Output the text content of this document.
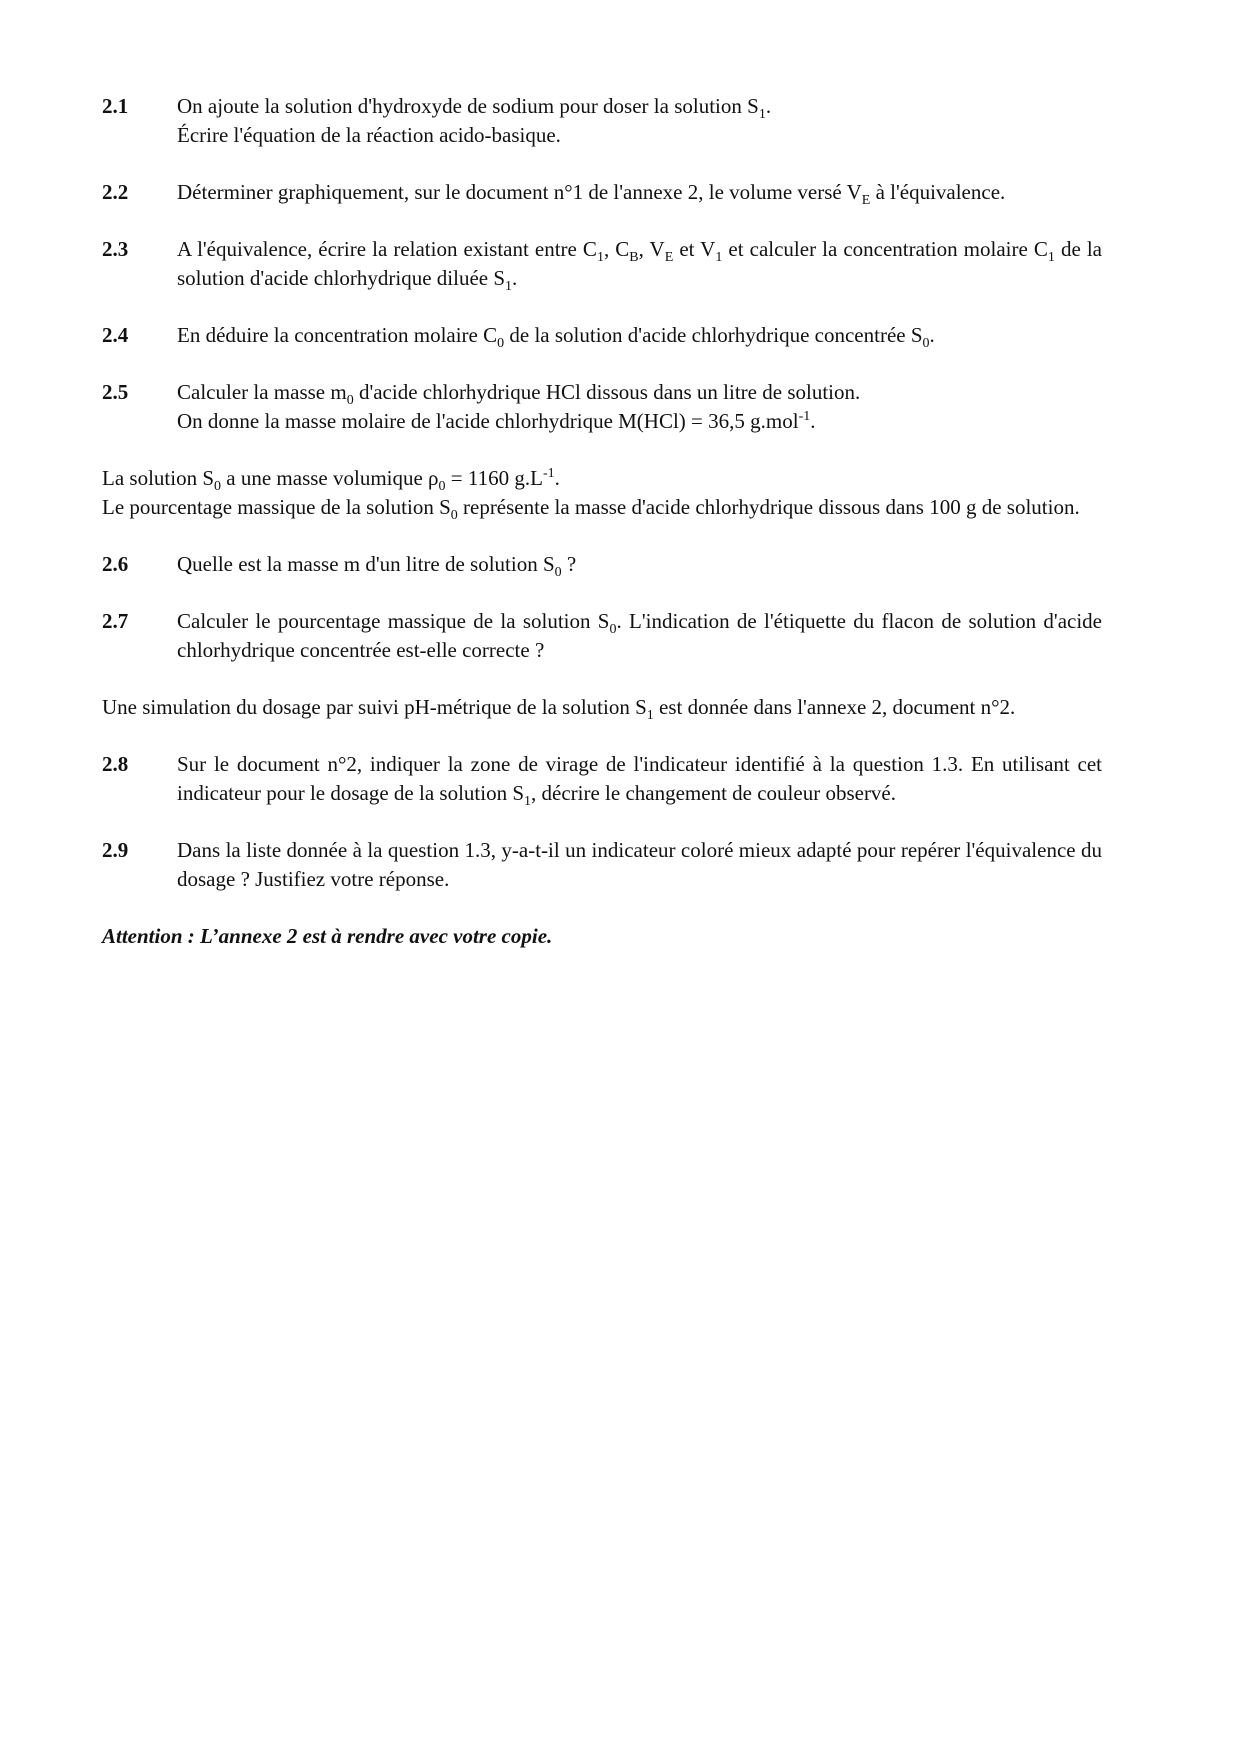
2.1	On ajoute la solution d'hydroxyde de sodium pour doser la solution $S_1$.
Écrire l'équation de la réaction acido-basique.
2.2	Déterminer graphiquement, sur le document n°1 de l'annexe 2, le volume versé $V_E$ à l'équivalence.
2.3	A l'équivalence, écrire la relation existant entre $C_1$, $C_B$, $V_E$ et $V_1$ et calculer la concentration molaire $C_1$ de la solution d'acide chlorhydrique diluée $S_1$.
2.4	En déduire la concentration molaire $C_0$ de la solution d'acide chlorhydrique concentrée $S_0$.
2.5	Calculer la masse $m_0$ d'acide chlorhydrique HCl dissous dans un litre de solution.
On donne la masse molaire de l'acide chlorhydrique M(HCl) = 36,5 g.mol$^{-1}$.
La solution $S_0$ a une masse volumique $\rho_0 = 1160$ $g.L^{-1}$.
Le pourcentage massique de la solution $S_0$ représente la masse d'acide chlorhydrique dissous dans 100 g de solution.
2.6	Quelle est la masse m d'un litre de solution $S_0$ ?
2.7	Calculer le pourcentage massique de la solution $S_0$. L'indication de l'étiquette du flacon de solution d'acide chlorhydrique concentrée est-elle correcte ?
Une simulation du dosage par suivi pH-métrique de la solution $S_1$ est donnée dans l'annexe 2, document n°2.
2.8	Sur le document n°2, indiquer la zone de virage de l'indicateur identifié à la question 1.3. En utilisant cet indicateur pour le dosage de la solution $S_1$, décrire le changement de couleur observé.
2.9	Dans la liste donnée à la question 1.3, y-a-t-il un indicateur coloré mieux adapté pour repérer l'équivalence du dosage ? Justifiez votre réponse.
Attention : L’annexe 2 est à rendre avec votre copie.
